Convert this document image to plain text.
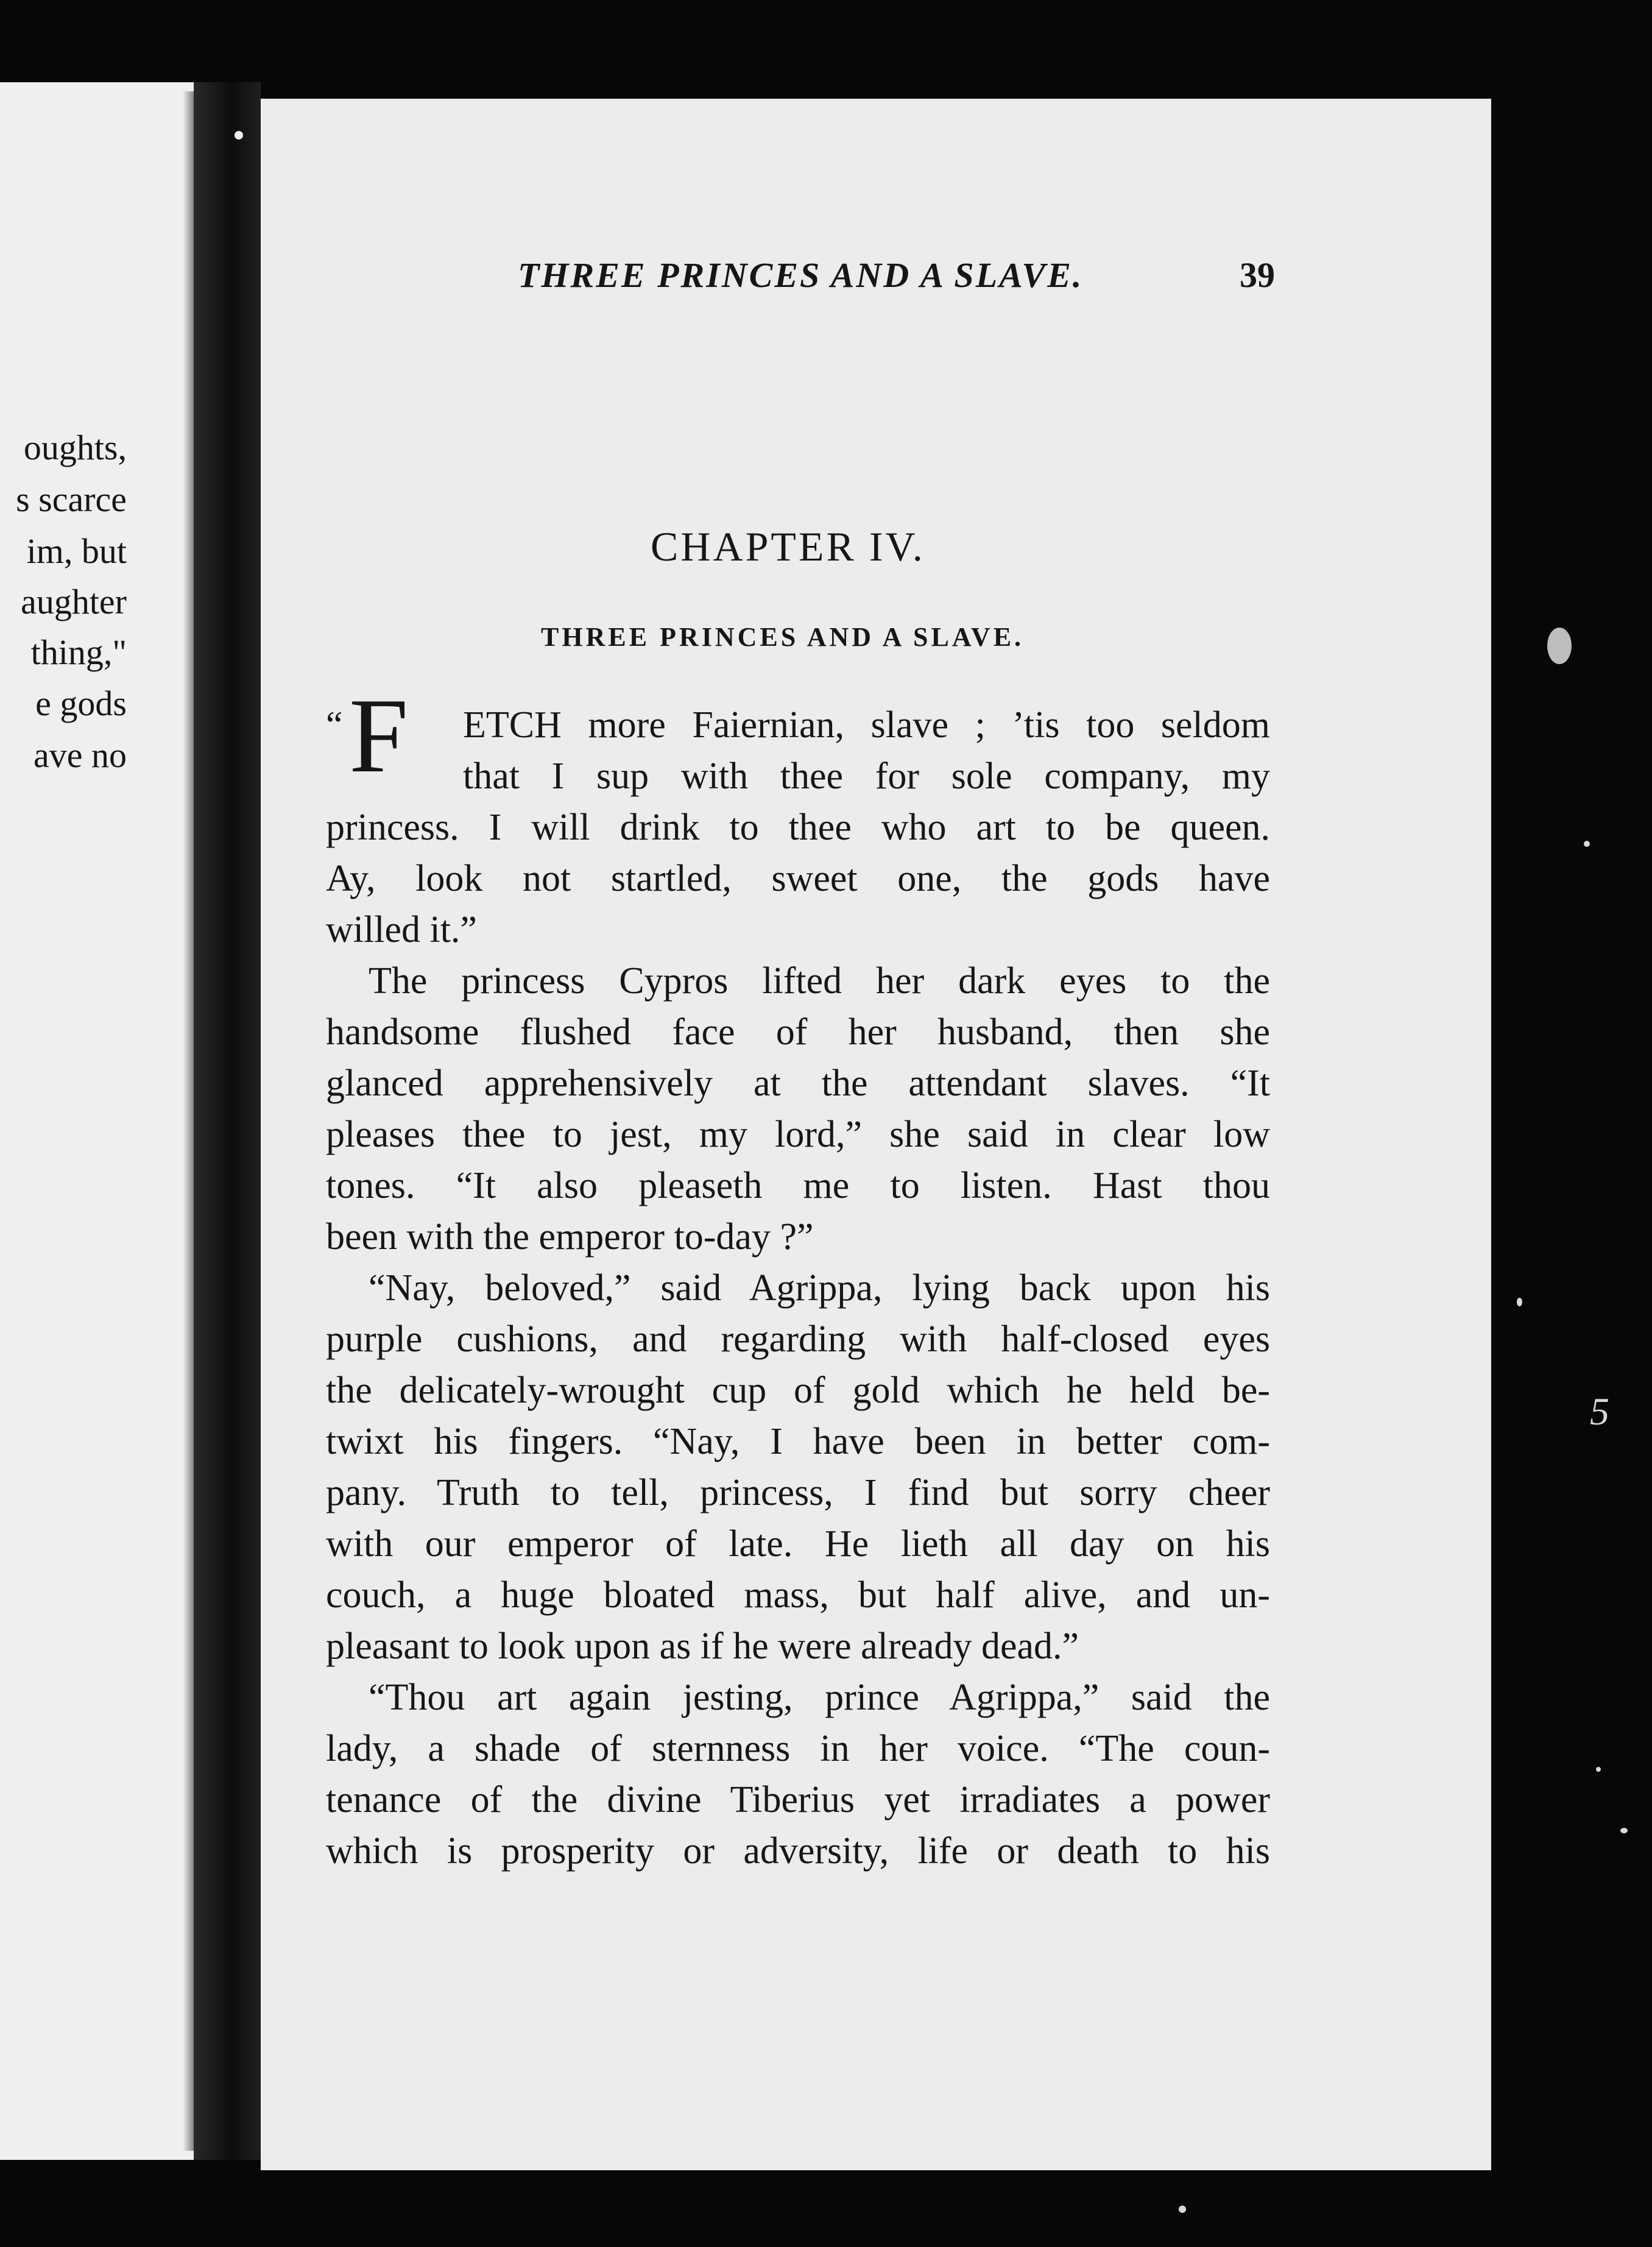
oughts,
s scarce
im, but
aughter
thing,"
e gods
ave no
THREE PRINCES AND A SLAVE.	39
CHAPTER IV.
THREE PRINCES AND A SLAVE.
“ F ETCH more Faiernian, slave ; ’tis too seldom
that I sup with thee for sole company, my
princess. I will drink to thee who art to be queen.
Ay, look not startled, sweet one, the gods have
willed it.”
The princess Cypros lifted her dark eyes to the
handsome flushed face of her husband, then she
glanced apprehensively at the attendant slaves. “It
pleases thee to jest, my lord,” she said in clear low
tones. “It also pleaseth me to listen. Hast thou
been with the emperor to-day ?”
“Nay, beloved,” said Agrippa, lying back upon his
purple cushions, and regarding with half-closed eyes
the delicately-wrought cup of gold which he held be-
twixt his fingers. “Nay, I have been in better com-
pany. Truth to tell, princess, I find but sorry cheer
with our emperor of late. He lieth all day on his
couch, a huge bloated mass, but half alive, and un-
pleasant to look upon as if he were already dead.”
“Thou art again jesting, prince Agrippa,” said the
lady, a shade of sternness in her voice. “The coun-
tenance of the divine Tiberius yet irradiates a power
which is prosperity or adversity, life or death to his
5
